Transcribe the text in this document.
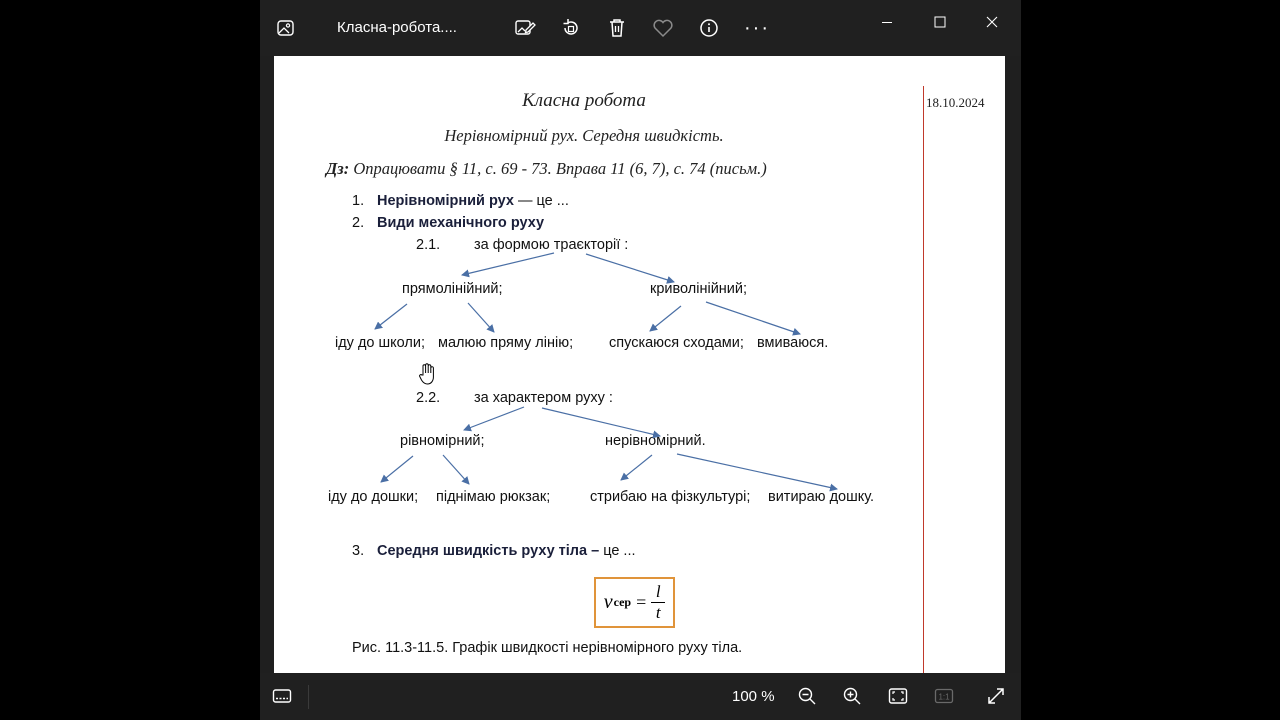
Класна-робота....	···
18.10.2024
Класна робота
Нерівномірний рух. Середня швидкість.
Дз: Опрацювати § 11, с. 69 - 73. Вправа 11 (6, 7), с. 74 (письм.)
1. Нерівномірний рух — це ...
2. Види механічного руху
2.1. за формою траєкторії :
прямолінійний;	криволінійний;
іду до школи; малюю пряму лінію; спускаюся сходами; вмиваюся.
2.2. за характером руху :
рівномірний;	нерівномірний.
іду до дошки; піднімаю рюкзак;	стрибаю на фізкультурі; витираю дошку.
3. Середня швидкість руху тіла – це ...
v сер = $\frac{l}{t}$
Рис. 11.3-11.5. Графік швидкості нерівномірного руху тіла.
100 %	1:1
